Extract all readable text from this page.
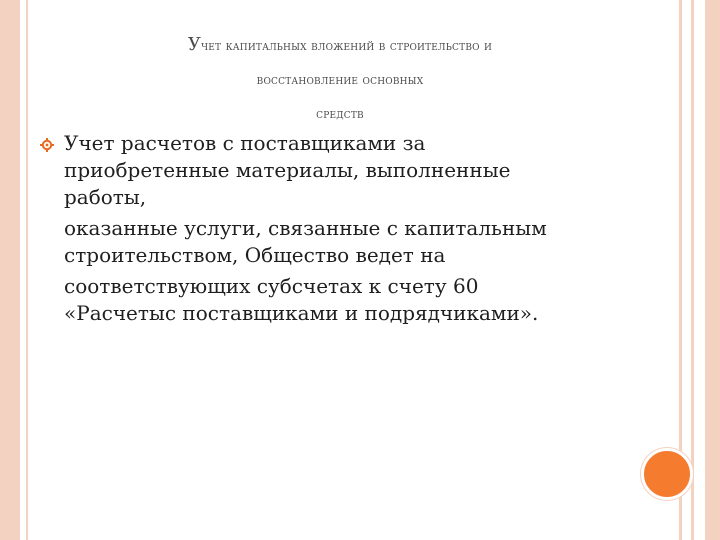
Учет капитальных вложений в строительство и
восстановление основных
средств
Учет расчетов с поставщиками за
приобретенные материалы, выполненные
работы,
оказанные услуги, связанные с капитальным
строительством, Общество ведет на
соответствующих субсчетах к счету 60
«Расчетыс поставщиками и подрядчиками».
